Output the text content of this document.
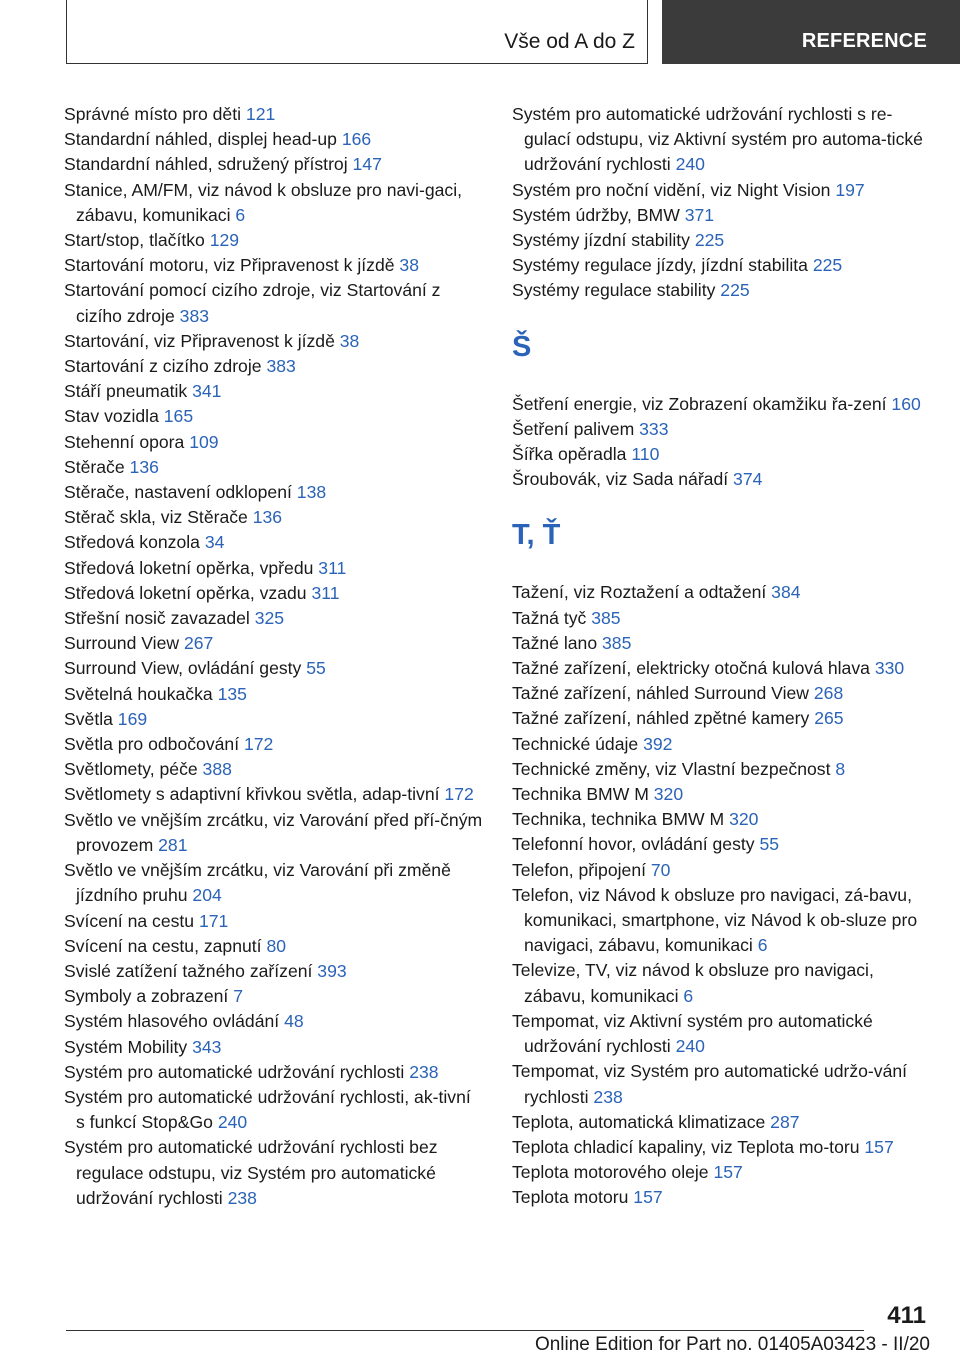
Vše od A do Z	REFERENCE

Správné místo pro děti 121

Standardní náhled, displej head-up 166

Standardní náhled, sdružený přístroj 147

Stanice, AM/FM, viz návod k obsluze pro navi-gaci, zábavu, komunikaci 6

Start/stop, tlačítko 129

Startování motoru, viz Připravenost k jízdě 38

Startování pomocí cizího zdroje, viz Startování z cizího zdroje 383

Startování, viz Připravenost k jízdě 38

Startování z cizího zdroje 383

Stáří pneumatik 341

Stav vozidla 165

Stehenní opora 109

Stěrače 136

Stěrače, nastavení odklopení 138

Stěrač skla, viz Stěrače 136

Středová konzola 34

Středová loketní opěrka, vpředu 311

Středová loketní opěrka, vzadu 311

Střešní nosič zavazadel 325

Surround View 267

Surround View, ovládání gesty 55

Světelná houkačka 135

Světla 169

Světla pro odbočování 172

Světlomety, péče 388

Světlomety s adaptivní křivkou světla, adap-tivní 172

Světlo ve vnějším zrcátku, viz Varování před pří-čným provozem 281

Světlo ve vnějším zrcátku, viz Varování při změně jízdního pruhu 204

Svícení na cestu 171

Svícení na cestu, zapnutí 80

Svislé zatížení tažného zařízení 393

Symboly a zobrazení 7

Systém hlasového ovládání 48

Systém Mobility 343

Systém pro automatické udržování rychlosti 238

Systém pro automatické udržování rychlosti, ak-tivní s funkcí Stop&Go 240

Systém pro automatické udržování rychlosti bez regulace odstupu, viz Systém pro automatické udržování rychlosti 238

Systém pro automatické udržování rychlosti s re-gulací odstupu, viz Aktivní systém pro automa-tické udržování rychlosti 240

Systém pro noční vidění, viz Night Vision 197

Systém údržby, BMW 371

Systémy jízdní stability 225

Systémy regulace jízdy, jízdní stabilita 225

Systémy regulace stability 225

Š

Šetření energie, viz Zobrazení okamžiku řa-zení 160

Šetření palivem 333

Šířka opěradla 110

Šroubovák, viz Sada nářadí 374

T, Ť

Tažení, viz Roztažení a odtažení 384

Tažná tyč 385

Tažné lano 385

Tažné zařízení, elektricky otočná kulová hlava 330

Tažné zařízení, náhled Surround View 268

Tažné zařízení, náhled zpětné kamery 265

Technické údaje 392

Technické změny, viz Vlastní bezpečnost 8

Technika BMW M 320

Technika, technika BMW M 320

Telefonní hovor, ovládání gesty 55

Telefon, připojení 70

Telefon, viz Návod k obsluze pro navigaci, zá-bavu, komunikaci, smartphone, viz Návod k ob-sluze pro navigaci, zábavu, komunikaci 6

Televize, TV, viz návod k obsluze pro navigaci, zábavu, komunikaci 6

Tempomat, viz Aktivní systém pro automatické udržování rychlosti 240

Tempomat, viz Systém pro automatické udržo-vání rychlosti 238

Teplota, automatická klimatizace 287

Teplota chladicí kapaliny, viz Teplota mo-toru 157

Teplota motorového oleje 157

Teplota motoru 157

411
Online Edition for Part no. 01405A03423 - II/20
